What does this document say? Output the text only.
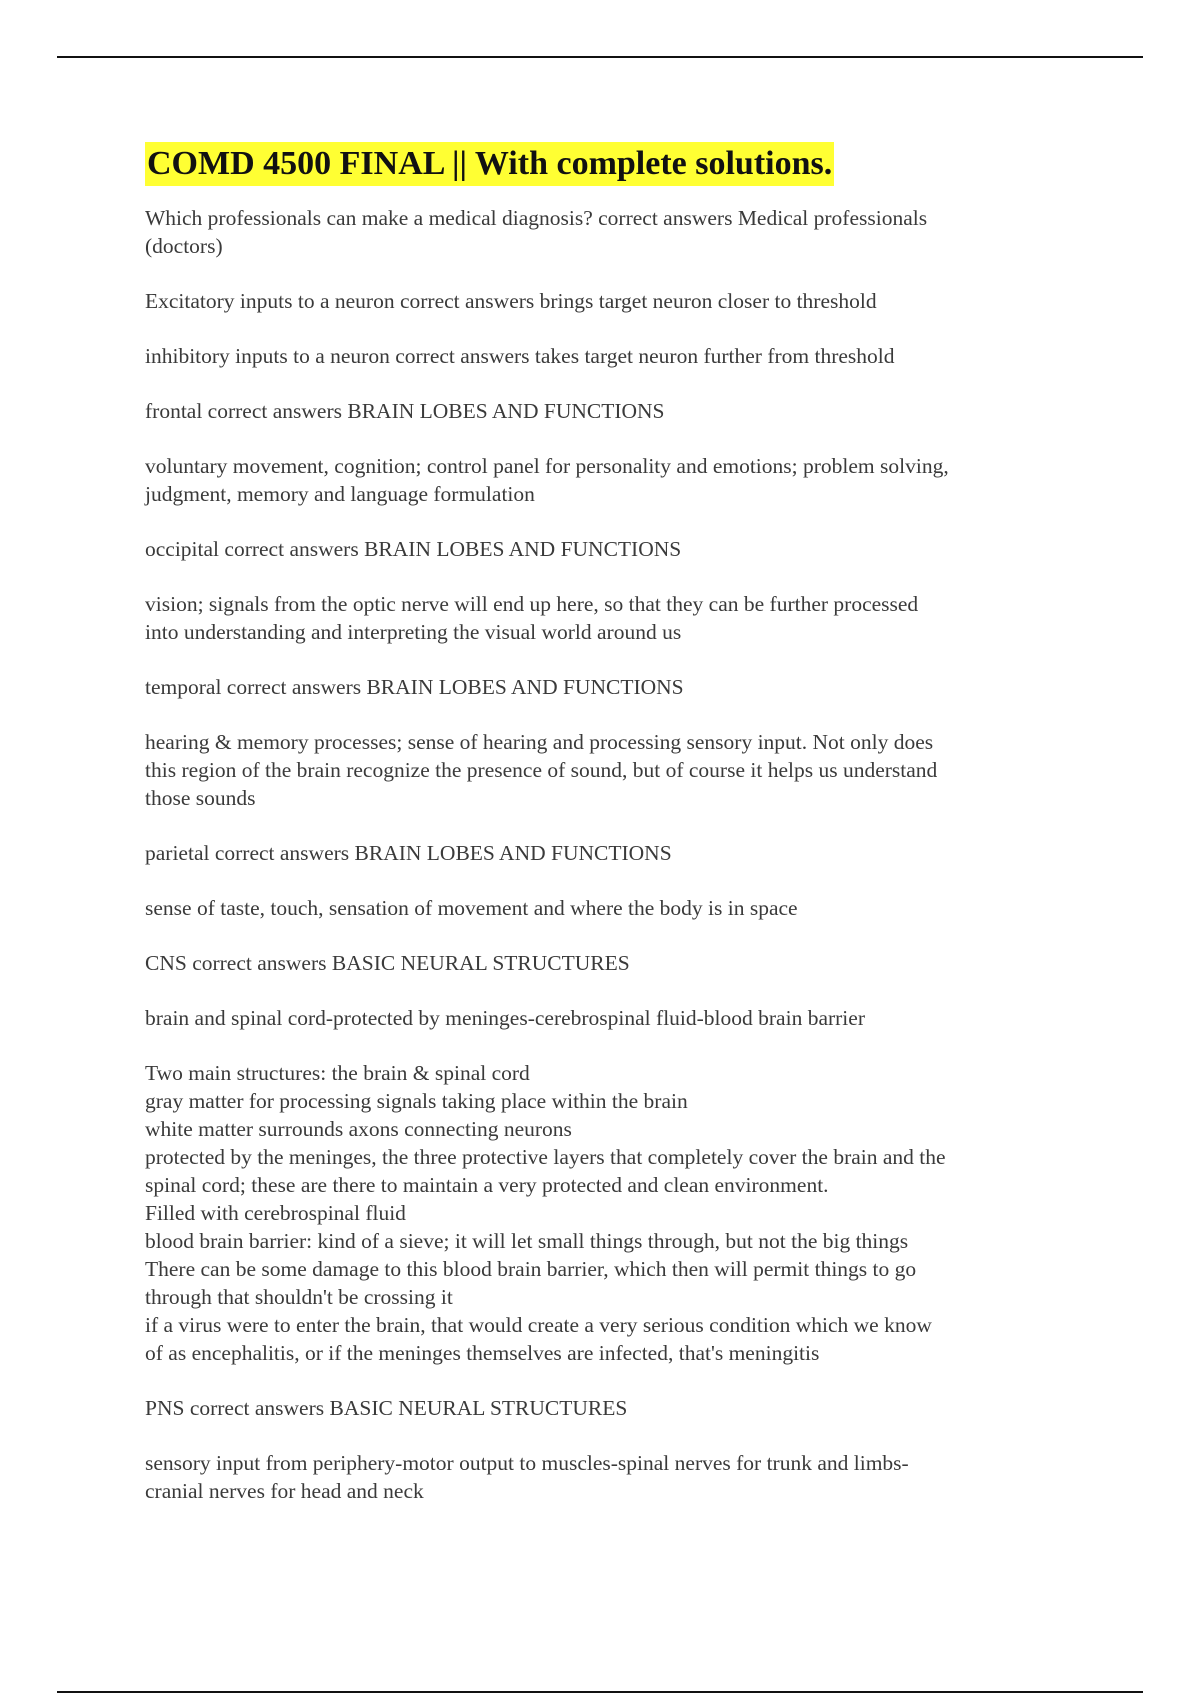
COMD 4500 FINAL || With complete solutions.

Which professionals can make a medical diagnosis? correct answers Medical professionals
(doctors)

Excitatory inputs to a neuron correct answers brings target neuron closer to threshold

inhibitory inputs to a neuron correct answers takes target neuron further from threshold

frontal correct answers BRAIN LOBES AND FUNCTIONS

voluntary movement, cognition; control panel for personality and emotions; problem solving,
judgment, memory and language formulation

occipital correct answers BRAIN LOBES AND FUNCTIONS

vision; signals from the optic nerve will end up here, so that they can be further processed
into understanding and interpreting the visual world around us

temporal correct answers BRAIN LOBES AND FUNCTIONS

hearing & memory processes; sense of hearing and processing sensory input. Not only does
this region of the brain recognize the presence of sound, but of course it helps us understand
those sounds

parietal correct answers BRAIN LOBES AND FUNCTIONS

sense of taste, touch, sensation of movement and where the body is in space

CNS correct answers BASIC NEURAL STRUCTURES

brain and spinal cord-protected by meninges-cerebrospinal fluid-blood brain barrier

Two main structures: the brain & spinal cord
gray matter for processing signals taking place within the brain
white matter surrounds axons connecting neurons
protected by the meninges, the three protective layers that completely cover the brain and the
spinal cord; these are there to maintain a very protected and clean environment.
Filled with cerebrospinal fluid
blood brain barrier: kind of a sieve; it will let small things through, but not the big things
There can be some damage to this blood brain barrier, which then will permit things to go
through that shouldn't be crossing it
if a virus were to enter the brain, that would create a very serious condition which we know
of as encephalitis, or if the meninges themselves are infected, that's meningitis

PNS correct answers BASIC NEURAL STRUCTURES

sensory input from periphery-motor output to muscles-spinal nerves for trunk and limbs-
cranial nerves for head and neck
